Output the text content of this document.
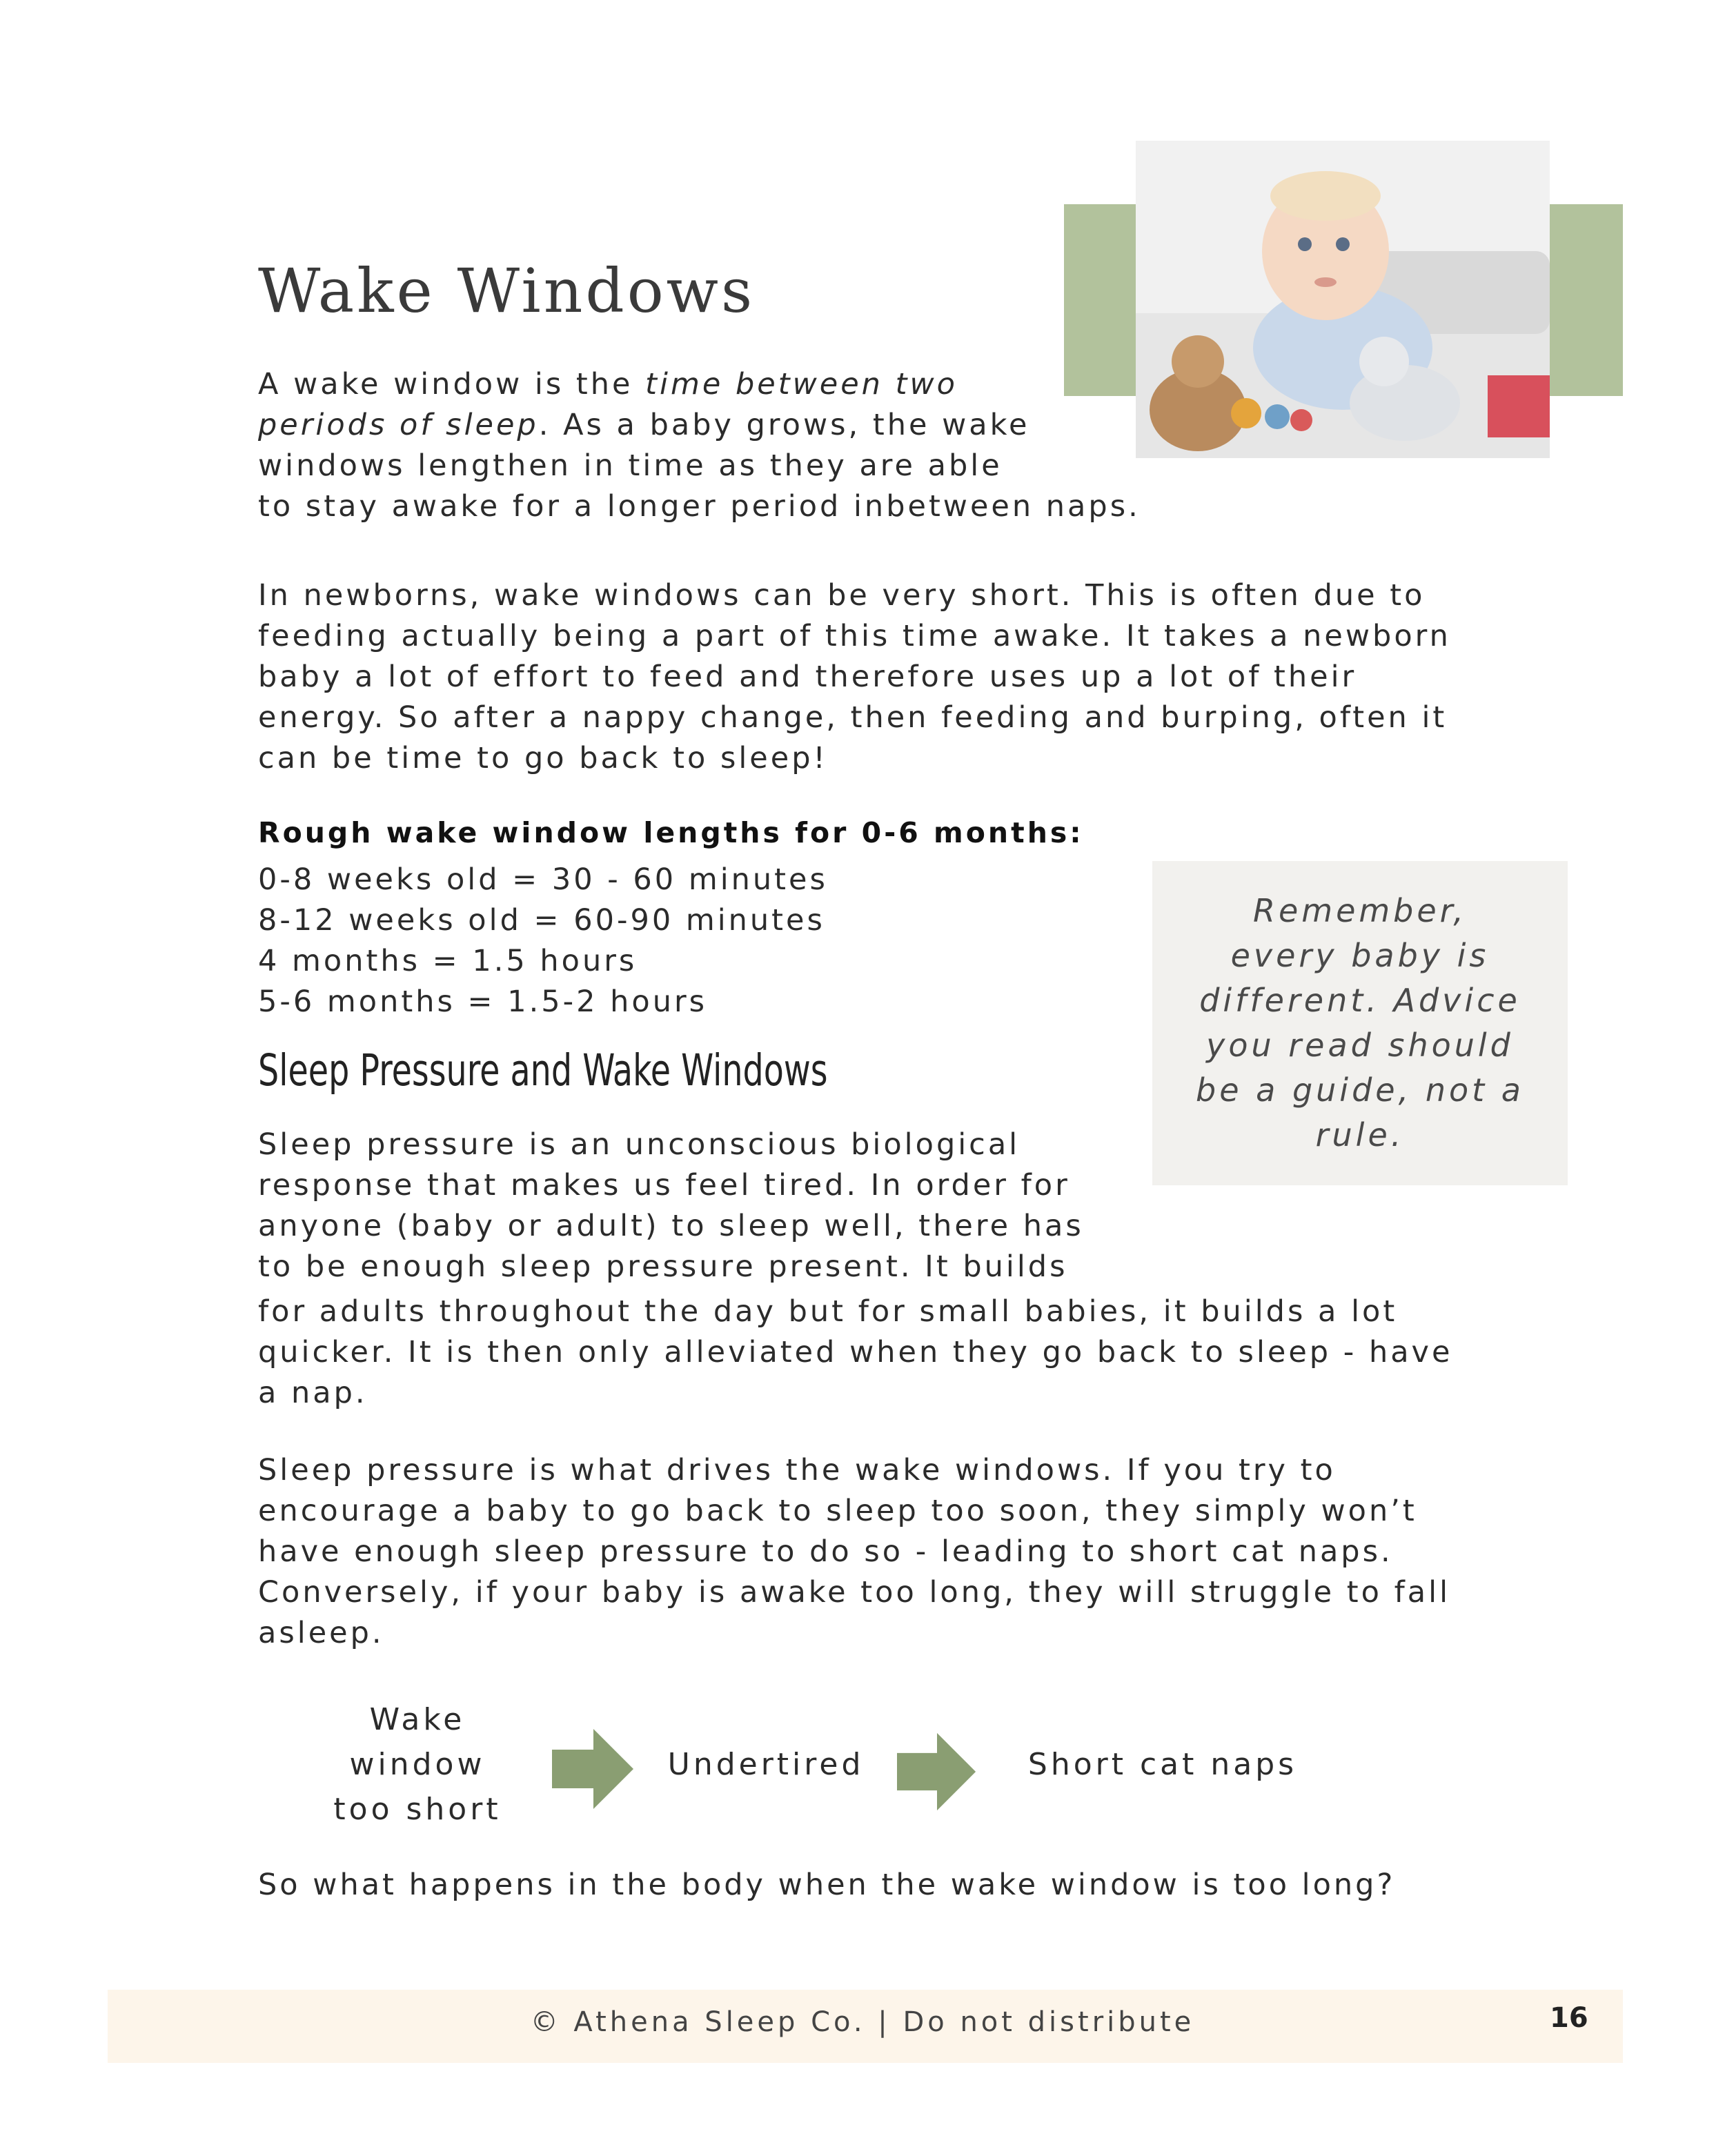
Wake Windows
A wake window is the time between two
periods of sleep. As a baby grows, the wake
windows lengthen in time as they are able
to stay awake for a longer period inbetween naps.
In newborns, wake windows can be very short. This is often due to
feeding actually being a part of this time awake. It takes a newborn
baby a lot of effort to feed and therefore uses up a lot of their
energy. So after a nappy change, then feeding and burping, often it
can be time to go back to sleep!
Rough wake window lengths for 0-6 months:
0-8 weeks old = 30 - 60 minutes
8-12 weeks old = 60-90 minutes
4 months = 1.5 hours
5-6 months = 1.5-2 hours
Remember,
every baby is
different. Advice
you read should
be a guide, not a
rule.
Sleep Pressure and Wake Windows
Sleep pressure is an unconscious biological
response that makes us feel tired. In order for
anyone (baby or adult) to sleep well, there has
to be enough sleep pressure present. It builds
for adults throughout the day but for small babies, it builds a lot
quicker. It is then only alleviated when they go back to sleep - have
a nap.
Sleep pressure is what drives the wake windows. If you try to
encourage a baby to go back to sleep too soon, they simply won’t
have enough sleep pressure to do so - leading to short cat naps.
Conversely, if your baby is awake too long, they will struggle to fall
asleep.
Wake
window
too short
Undertired	Short cat naps
So what happens in the body when the wake window is too long?
© Athena Sleep Co. | Do not distribute	16
